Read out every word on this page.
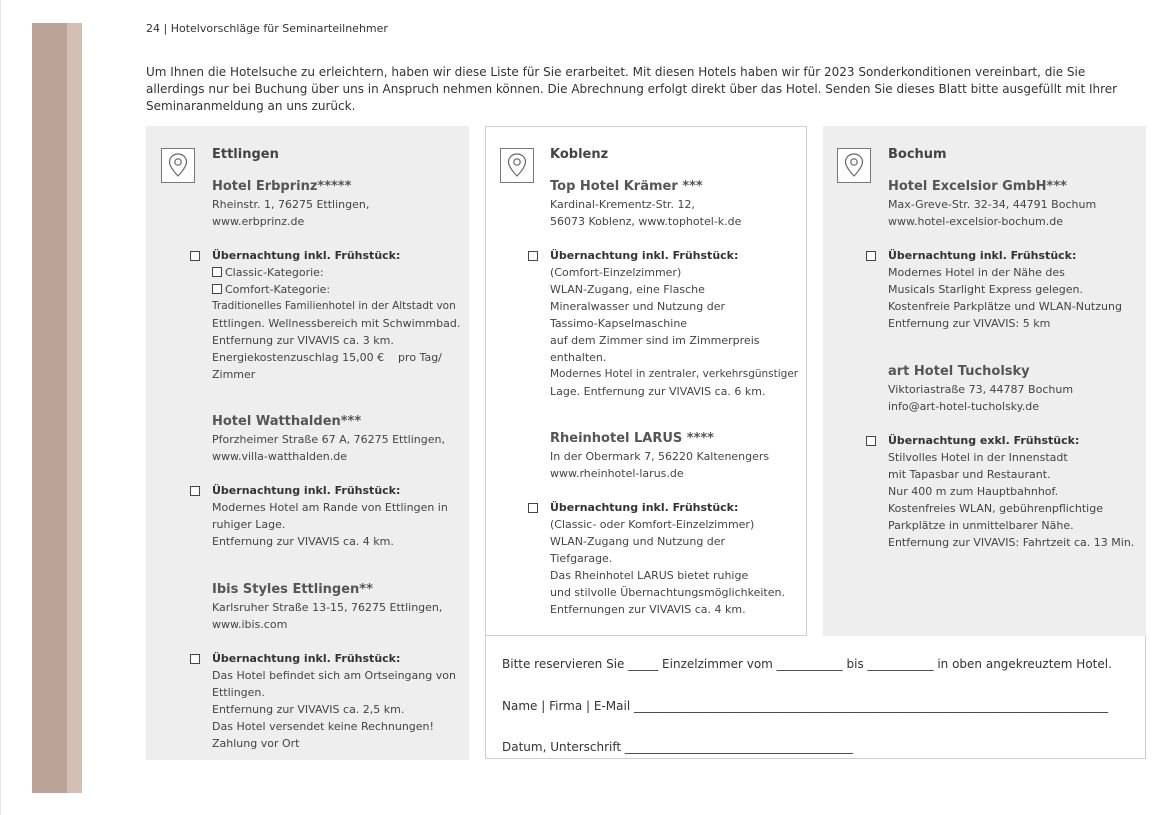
24 | Hotelvorschläge für Seminarteilnehmer
Um Ihnen die Hotelsuche zu erleichtern, haben wir diese Liste für Sie erarbeitet. Mit diesen Hotels haben wir für 2023 Sonderkonditionen vereinbart, die Sie allerdings nur bei Buchung über uns in Anspruch nehmen können. Die Abrechnung erfolgt direkt über das Hotel. Senden Sie dieses Blatt bitte ausgefüllt mit Ihrer Seminaranmeldung an uns zurück.
Ettlingen
Hotel Erbprinz*****
Rheinstr. 1, 76275 Ettlingen,
www.erbprinz.de
Übernachtung inkl. Frühstück:
Classic-Kategorie:
Comfort-Kategorie:
Traditionelles Familienhotel in der Altstadt von
Ettlingen. Wellnessbereich mit Schwimmbad.
Entfernung zur VIVAVIS ca. 3 km.
Energiekostenzuschlag 15,00 €    pro Tag/
Zimmer
Hotel Watthalden***
Pforzheimer Straße 67 A, 76275 Ettlingen,
www.villa-watthalden.de
Übernachtung inkl. Frühstück:
Modernes Hotel am Rande von Ettlingen in
ruhiger Lage.
Entfernung zur VIVAVIS ca. 4 km.
Ibis Styles Ettlingen**
Karlsruher Straße 13-15, 76275 Ettlingen,
www.ibis.com
Übernachtung inkl. Frühstück:
Das Hotel befindet sich am Ortseingang von
Ettlingen.
Entfernung zur VIVAVIS ca. 2,5 km.
Das Hotel versendet keine Rechnungen!
Zahlung vor Ort
Koblenz
Top Hotel Krämer ***
Kardinal-Krementz-Str. 12,
56073 Koblenz, www.tophotel-k.de
Übernachtung inkl. Frühstück:
(Comfort-Einzelzimmer)
WLAN-Zugang, eine Flasche
Mineralwasser und Nutzung der
Tassimo-Kapselmaschine
auf dem Zimmer sind im Zimmerpreis
enthalten.
Modernes Hotel in zentraler, verkehrsgünstiger
Lage. Entfernung zur VIVAVIS ca. 6 km.
Rheinhotel LARUS ****
In der Obermark 7, 56220 Kaltenengers
www.rheinhotel-larus.de
Übernachtung inkl. Frühstück:
(Classic- oder Komfort-Einzelzimmer)
WLAN-Zugang und Nutzung der
Tiefgarage.
Das Rheinhotel LARUS bietet ruhige
und stilvolle Übernachtungsmöglichkeiten.
Entfernungen zur VIVAVIS ca. 4 km.
Bochum
Hotel Excelsior GmbH***
Max-Greve-Str. 32-34, 44791 Bochum
www.hotel-excelsior-bochum.de
Übernachtung inkl. Frühstück:
Modernes Hotel in der Nähe des
Musicals Starlight Express gelegen.
Kostenfreie Parkplätze und WLAN-Nutzung
Entfernung zur VIVAVIS: 5 km
art Hotel Tucholsky
Viktoriastraße 73, 44787 Bochum
info@art-hotel-tucholsky.de
Übernachtung exkl. Frühstück:
Stilvolles Hotel in der Innenstadt
mit Tapasbar und Restaurant.
Nur 400 m zum Hauptbahnhof.
Kostenfreies WLAN, gebührenpflichtige
Parkplätze in unmittelbarer Nähe.
Entfernung zur VIVAVIS: Fahrtzeit ca. 13 Min.
Bitte reservieren Sie _____ Einzelzimmer vom ___________ bis ___________ in oben angekreuztem Hotel.
Name | Firma | E-Mail _______________________________________________________________________________
Datum, Unterschrift ______________________________________
